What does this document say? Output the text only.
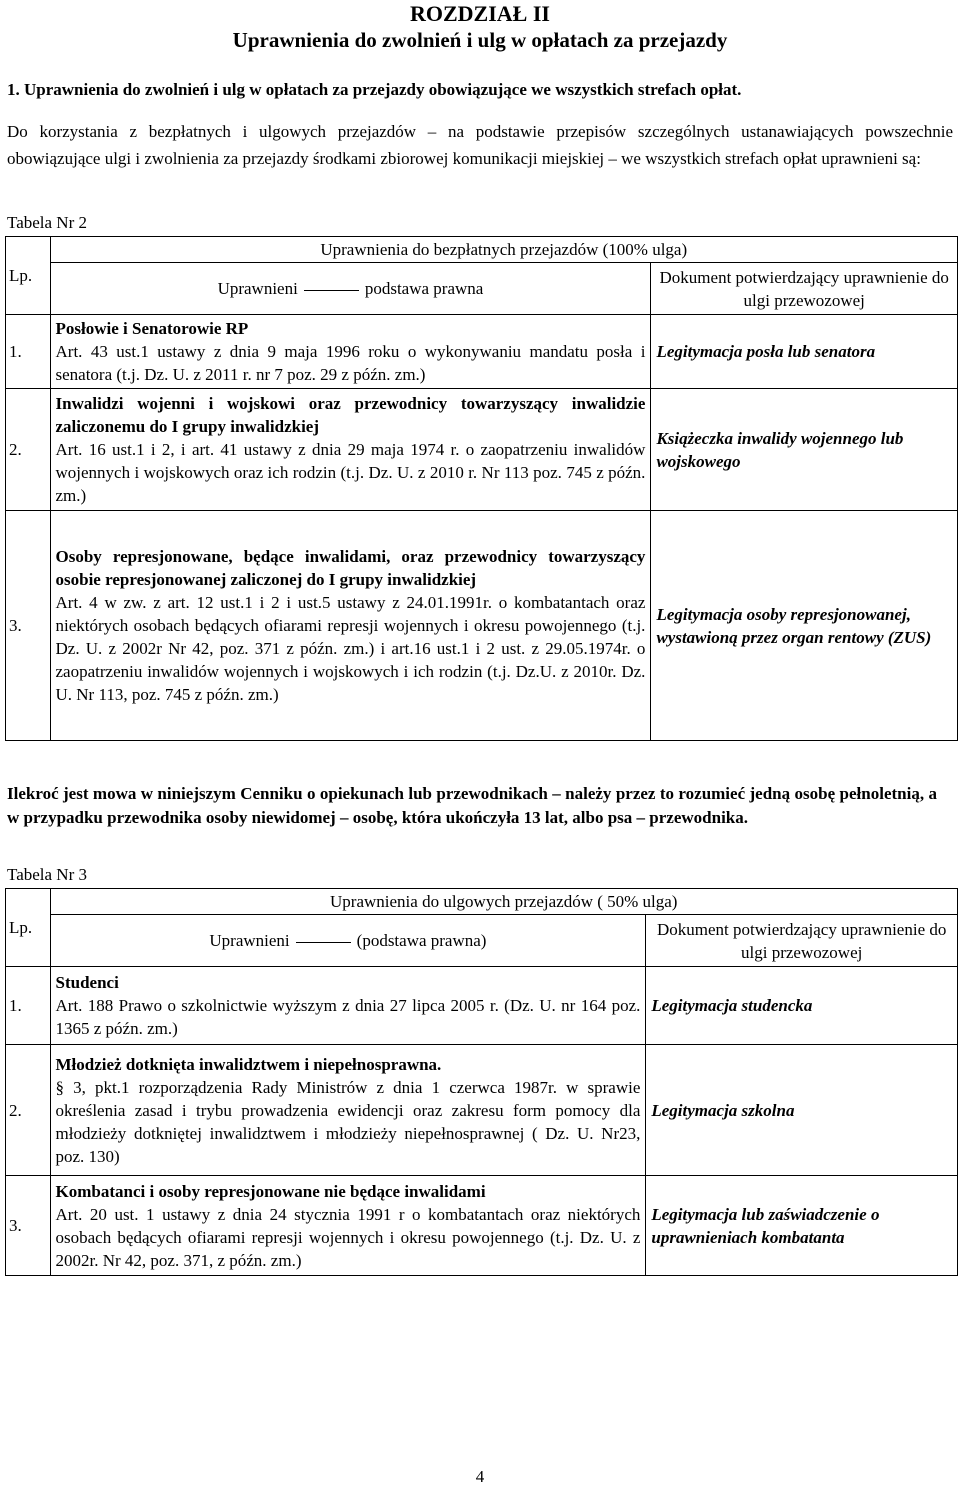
ROZDZIAŁ II

Uprawnienia do zwolnień i ulg w opłatach za przejazdy

1. Uprawnienia do zwolnień i ulg w opłatach za przejazdy obowiązujące we wszystkich strefach opłat.

Do korzystania z bezpłatnych i ulgowych przejazdów – na podstawie przepisów szczególnych ustanawiających powszechnie obowiązujące ulgi i zwolnienia za przejazdy środkami zbiorowej komunikacji miejskiej – we wszystkich strefach opłat uprawnieni są:

Tabela Nr 2
Lp.	Uprawnienia do bezpłatnych przejazdów (100% ulga)	
	Uprawnieni podstawa prawna	Dokument potwierdzający uprawnienie do ulgi przewozowej
1.	Posłowie i Senatorowie RP

Art. 43 ust.1 ustawy z dnia 9 maja 1996 roku o wykonywaniu mandatu posła i senatora (t.j. Dz. U. z 2011 r. nr 7 poz. 29 z późn. zm.)	Legitymacja posła lub senatora
2.	Inwalidzi wojenni i wojskowi oraz przewodnicy towarzyszący inwalidzie zaliczonemu do I grupy inwalidzkiej

Art. 16 ust.1 i 2, i art. 41 ustawy z dnia 29 maja 1974 r. o zaopatrzeniu inwalidów wojennych i wojskowych oraz ich rodzin (t.j. Dz. U. z 2010 r. Nr 113 poz. 745 z późn. zm.)	Książeczka inwalidy wojennego lub wojskowego
3.	Osoby represjonowane, będące inwalidami, oraz przewodnicy towarzyszący osobie represjonowanej zaliczonej do I grupy inwalidzkiej

Art. 4 w zw. z art. 12 ust.1 i 2 i ust.5 ustawy z 24.01.1991r. o kombatantach oraz niektórych osobach będących ofiarami represji wojennych i okresu powojennego (t.j. Dz. U. z 2002r Nr 42, poz. 371 z późn. zm.) i art.16 ust.1 i 2 ust. z 29.05.1974r. o zaopatrzeniu inwalidów wojennych i wojskowych i ich rodzin (t.j. Dz.U. z 2010r. Dz. U. Nr 113, poz. 745 z późn. zm.)	Legitymacja osoby represjonowanej, wystawioną przez organ rentowy (ZUS)

Ilekroć jest mowa w niniejszym Cenniku o opiekunach lub przewodnikach – należy przez to rozumieć jedną osobę pełnoletnią, a w przypadku przewodnika osoby niewidomej – osobę, która ukończyła 13 lat, albo psa – przewodnika.

Tabela Nr 3
Lp.	Uprawnienia do ulgowych przejazdów ( 50% ulga)	
	Uprawnieni (podstawa prawna)	Dokument potwierdzający uprawnienie do ulgi przewozowej
1.	Studenci

Art. 188 Prawo o szkolnictwie wyższym z dnia 27 lipca 2005 r. (Dz. U. nr 164 poz. 1365 z późn. zm.)	Legitymacja studencka
2.	Młodzież dotknięta inwalidztwem i niepełnosprawna.

§ 3, pkt.1 rozporządzenia Rady Ministrów z dnia 1 czerwca 1987r. w sprawie określenia zasad i trybu prowadzenia ewidencji oraz zakresu form pomocy dla młodzieży dotkniętej inwalidztwem i młodzieży niepełnosprawnej ( Dz. U. Nr23, poz. 130)	Legitymacja szkolna
3.	Kombatanci i osoby represjonowane nie będące inwalidami

Art. 20 ust. 1 ustawy z dnia 24 stycznia 1991 r o kombatantach oraz niektórych osobach będących ofiarami represji wojennych i okresu powojennego (t.j. Dz. U. z 2002r. Nr 42, poz. 371, z późn. zm.)	Legitymacja lub zaświadczenie o uprawnieniach kombatanta
4
